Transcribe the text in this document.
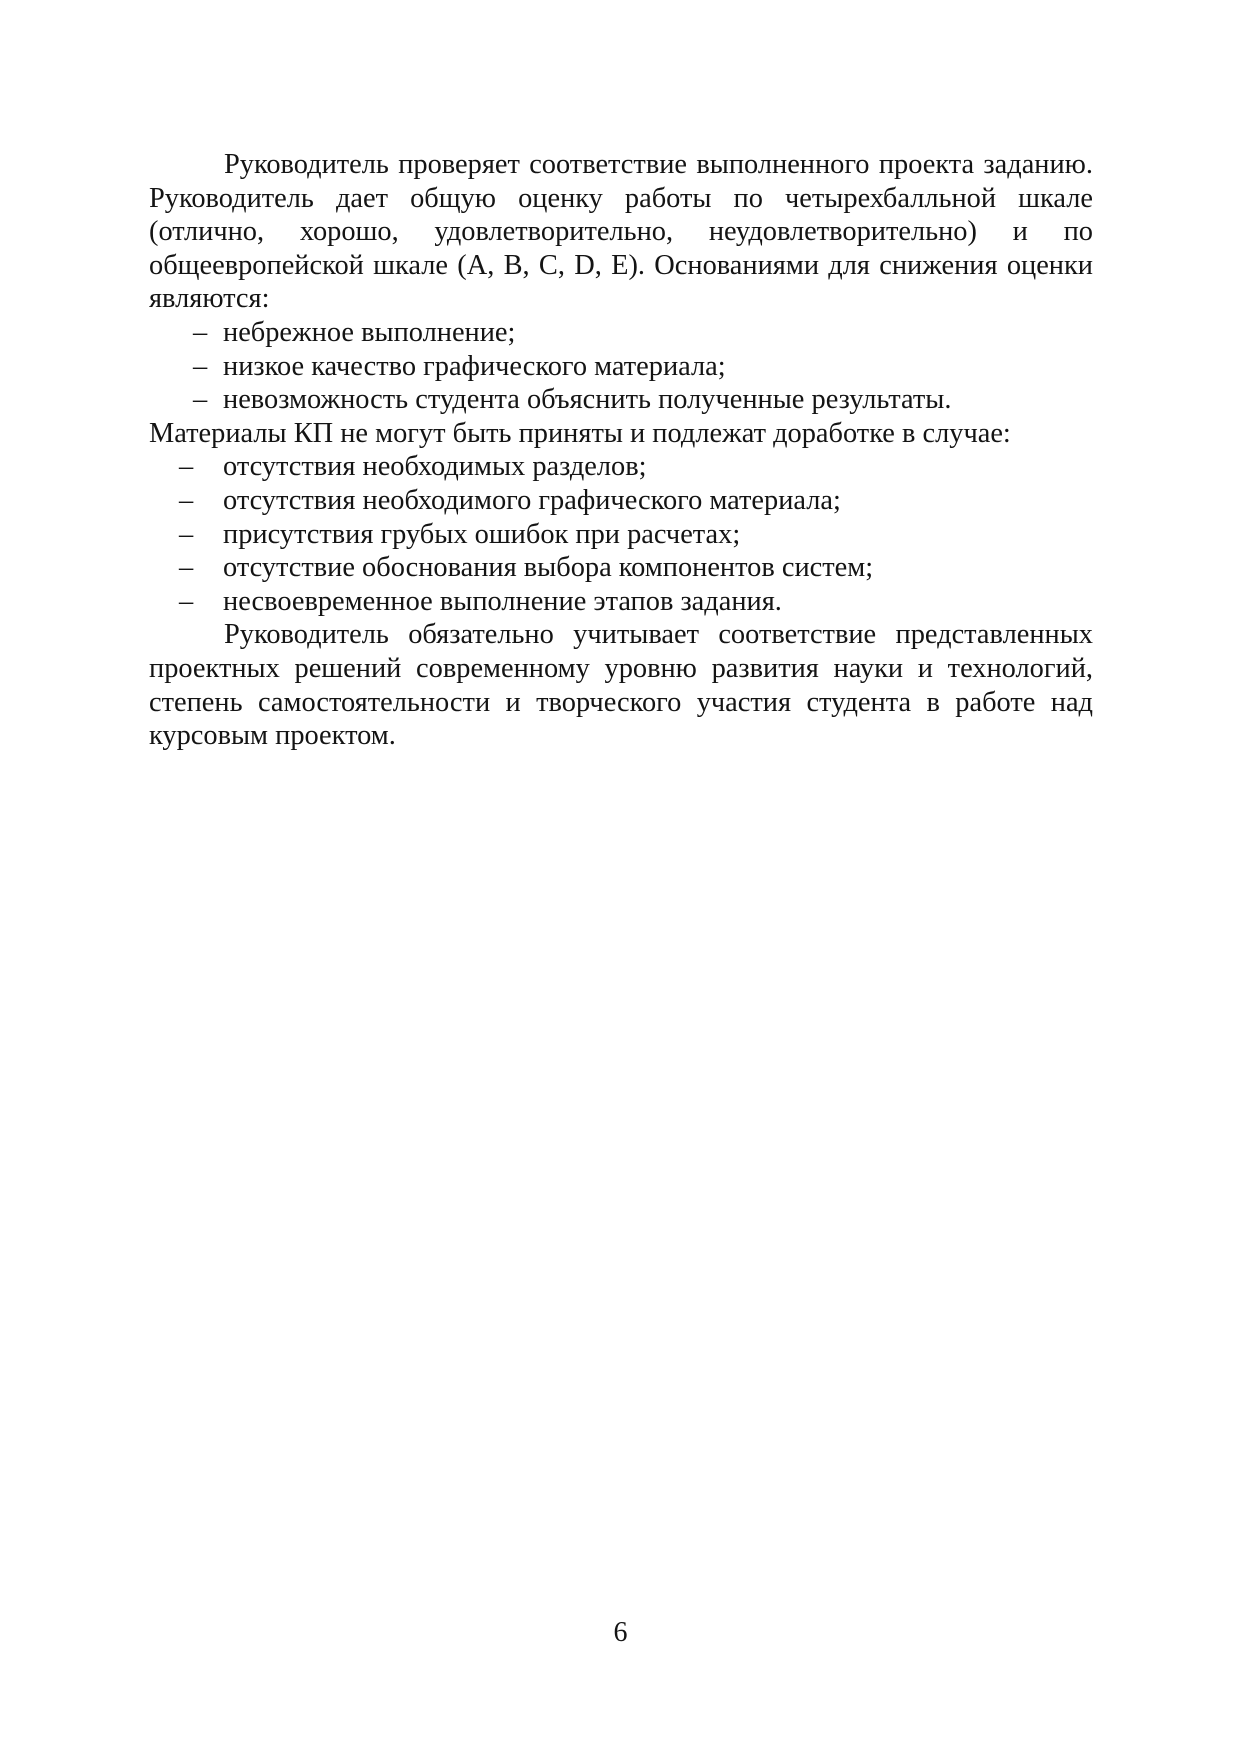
Руководитель проверяет соответствие выполненного проекта заданию. Руководитель дает общую оценку работы по четырехбалльной шкале (отлично, хорошо, удовлетворительно, неудовлетворительно) и по общеевропейской шкале (A, B, C, D, E). Основаниями для снижения оценки являются:

– небрежное выполнение;
– низкое качество графического материала;
– невозможность студента объяснить полученные результаты.

Материалы КП не могут быть приняты и подлежат доработке в случае:

– отсутствия необходимых разделов;
– отсутствия необходимого графического материала;
– присутствия грубых ошибок при расчетах;
– отсутствие обоснования выбора компонентов систем;
– несвоевременное выполнение этапов задания.

Руководитель обязательно учитывает соответствие представленных проектных решений современному уровню развития науки и технологий, степень самостоятельности и творческого участия студента в работе над курсовым проектом.

6
